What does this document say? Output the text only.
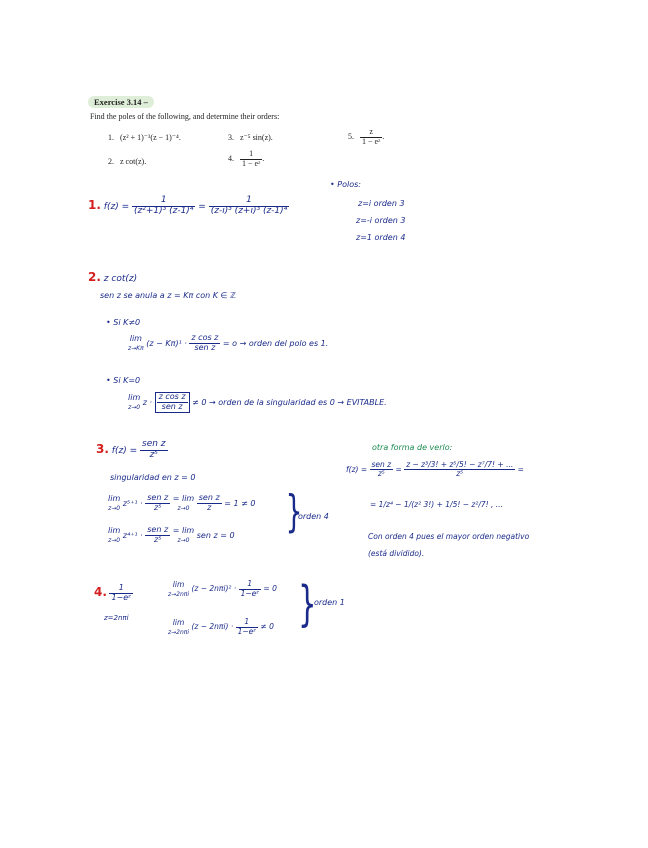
Exercise 3.14 –
Find the poles of the following, and determine their orders:
1. (z² + 1)⁻³(z − 1)⁻⁴.
2. z cot(z).
3. z⁻⁵ sin(z).
4. $\frac{1}{\text{1 − eᶻ}}$ .
5. $\frac{z}{\text{1 − eᶻ}}$ .
• Polos:
z=i orden 3
z=-i orden 3
z=1 orden 4
1. $f(z) = \frac{1}{\text{(z²+1)³ (z-1)⁴}} = \frac{1}{\text{(z-i)³ (z+i)³ (z-1)⁴}}$
2. z cot(z)
sen z se anula a z = Kπ con K ∈ ℤ
• Si K≠0
lim
z→Kπ $(z - K\pi)^1 \cdot \frac{\text{z cos z}}{\text{sen z}} = o$ → orden del polo es 1.
• Si K=0
lim
z→0 $z \cdot \frac{\text{z cos z}}{\text{sen z}} \ne 0$ → orden de la singularidad es 0 → EVITABLE.
3. $f(z) = \frac{\text{sen z}}{\text{z⁵}}$
singularidad en z = 0
lim
z→0 $z^{5+1} \cdot \frac{\text{sen z}}{\text{z⁵}} = \lim$
$z\to 0 \frac{\text{sen z}}{z} = 1 \ne 0$
lim
z→0 $z^{4+1} \cdot \frac{\text{sen z}}{\text{z⁵}} = \lim$
z→0 sen z = 0 }
orden 4
otra forma de verlo:
$f(z) = \frac{\text{sen z}}{\text{z⁵}} = \frac{\text{z − z³/3! + z⁵/5! − z⁷/7! + ...}}{\text{z⁵}}$ =
= 1/z⁴ − 1/(z² 3!) + 1/5! − z²/7! , ...
Con orden 4 pues el mayor orden negativo
(está dividido).
4. $\frac{1}{\text{1−eᶻ}}$
z=2nπi
lim
z→2nπi $(z - 2n\pi i)^2 \cdot \frac{1}{\text{1−eᶻ}} = 0$
lim
z→2nπi $(z - 2n\pi i) \cdot \frac{1}{\text{1−eᶻ}} \ne 0$ }
orden 1
